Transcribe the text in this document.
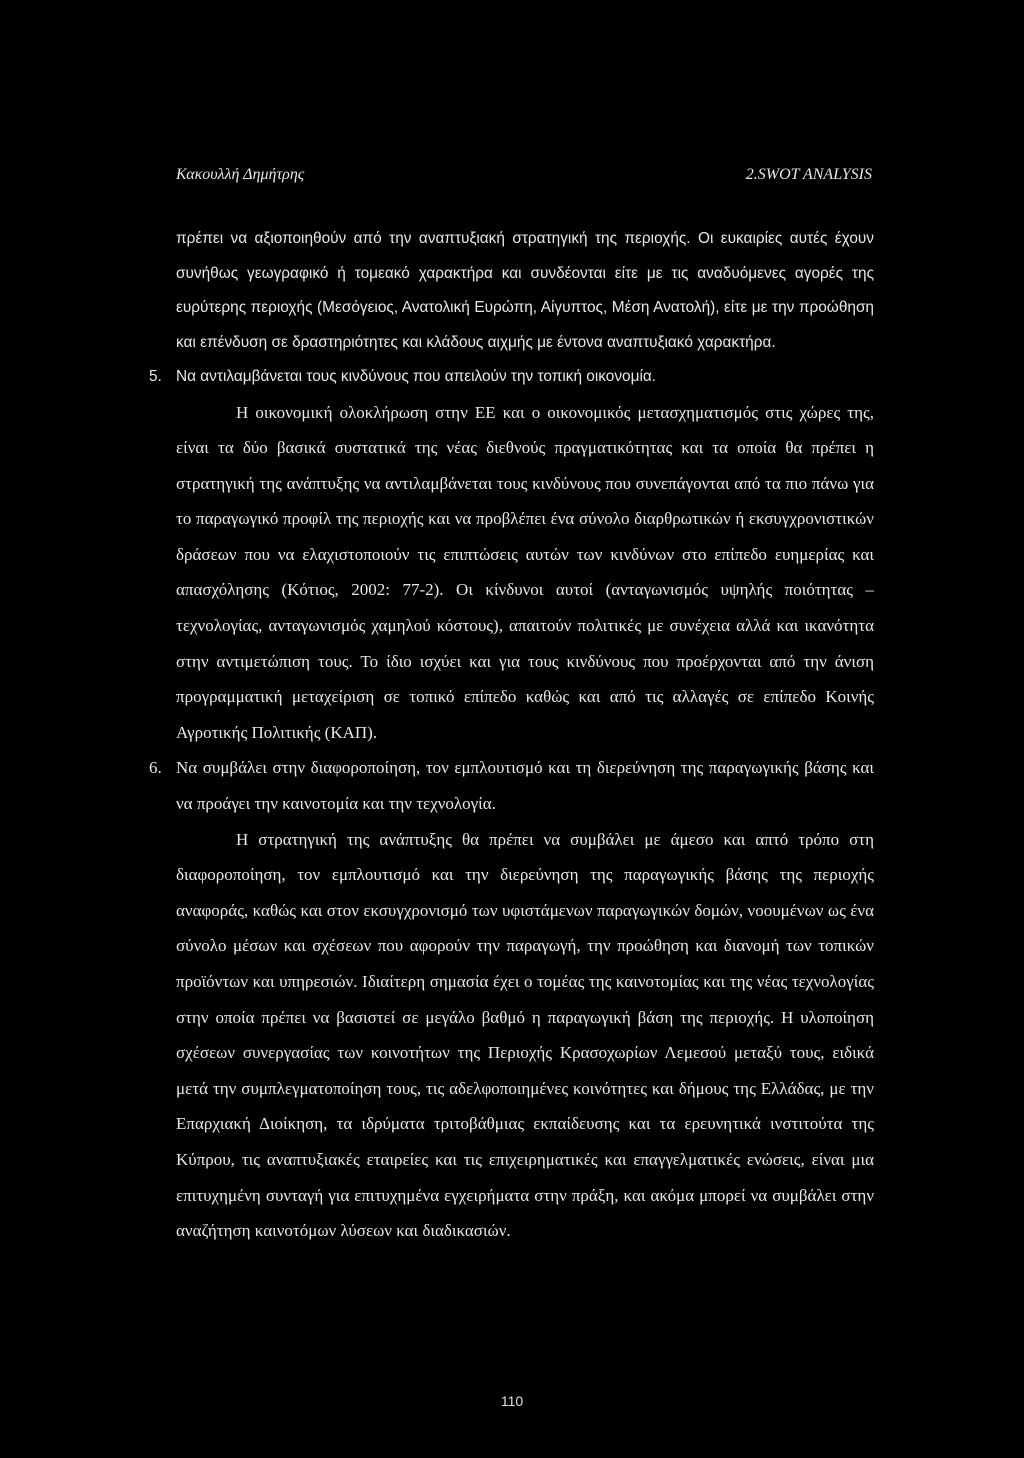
Κακουλλή Δημήτρης	2.SWOT ANALYSIS

πρέπει να αξιοποιηθούν από την αναπτυξιακή στρατηγική της περιοχής. Οι ευκαιρίες αυτές έχουν συνήθως γεωγραφικό ή τομεακό χαρακτήρα και συνδέονται είτε με τις αναδυόμενες αγορές της ευρύτερης περιοχής (Μεσόγειος, Ανατολική Ευρώπη, Αίγυπτος, Μέση Ανατολή), είτε με την προώθηση και επένδυση σε δραστηριότητες και κλάδους αιχμής με έντονα αναπτυξιακό χαρακτήρα.

5. Να αντιλαμβάνεται τους κινδύνους που απειλούν την τοπική οικονομία.

Η οικονομική ολοκλήρωση στην ΕΕ και ο οικονομικός μετασχηματισμός στις χώρες της, είναι τα δύο βασικά συστατικά της νέας διεθνούς πραγματικότητας και τα οποία θα πρέπει η στρατηγική της ανάπτυξης να αντιλαμβάνεται τους κινδύνους που συνεπάγονται από τα πιο πάνω για το παραγωγικό προφίλ της περιοχής και να προβλέπει ένα σύνολο διαρθρωτικών ή εκσυγχρονιστικών δράσεων που να ελαχιστοποιούν τις επιπτώσεις αυτών των κινδύνων στο επίπεδο ευημερίας και απασχόλησης (Κότιος, 2002: 77-2). Οι κίνδυνοι αυτοί (ανταγωνισμός υψηλής ποιότητας – τεχνολογίας, ανταγωνισμός χαμηλού κόστους), απαιτούν πολιτικές με συνέχεια αλλά και ικανότητα στην αντιμετώπιση τους. Το ίδιο ισχύει και για τους κινδύνους που προέρχονται από την άνιση προγραμματική μεταχείριση σε τοπικό επίπεδο καθώς και από τις αλλαγές σε επίπεδο Κοινής Αγροτικής Πολιτικής (ΚΑΠ).

6. Να συμβάλει στην διαφοροποίηση, τον εμπλουτισμό και τη διερεύνηση της παραγωγικής βάσης και να προάγει την καινοτομία και την τεχνολογία.

Η στρατηγική της ανάπτυξης θα πρέπει να συμβάλει με άμεσο και απτό τρόπο στη διαφοροποίηση, τον εμπλουτισμό και την διερεύνηση της παραγωγικής βάσης της περιοχής αναφοράς, καθώς και στον εκσυγχρονισμό των υφιστάμενων παραγωγικών δομών, νοουμένων ως ένα σύνολο μέσων και σχέσεων που αφορούν την παραγωγή, την προώθηση και διανομή των τοπικών προϊόντων και υπηρεσιών. Ιδιαίτερη σημασία έχει ο τομέας της καινοτομίας και της νέας τεχνολογίας στην οποία πρέπει να βασιστεί σε μεγάλο βαθμό η παραγωγική βάση της περιοχής. Η υλοποίηση σχέσεων συνεργασίας των κοινοτήτων της Περιοχής Κρασοχωρίων Λεμεσού μεταξύ τους, ειδικά μετά την συμπλεγματοποίηση τους, τις αδελφοποιημένες κοινότητες και δήμους της Ελλάδας, με την Επαρχιακή Διοίκηση, τα ιδρύματα τριτοβάθμιας εκπαίδευσης και τα ερευνητικά ινστιτούτα της Κύπρου, τις αναπτυξιακές εταιρείες και τις επιχειρηματικές και επαγγελματικές ενώσεις, είναι μια επιτυχημένη συνταγή για επιτυχημένα εγχειρήματα στην πράξη, και ακόμα μπορεί να συμβάλει στην αναζήτηση καινοτόμων λύσεων και διαδικασιών.

110
